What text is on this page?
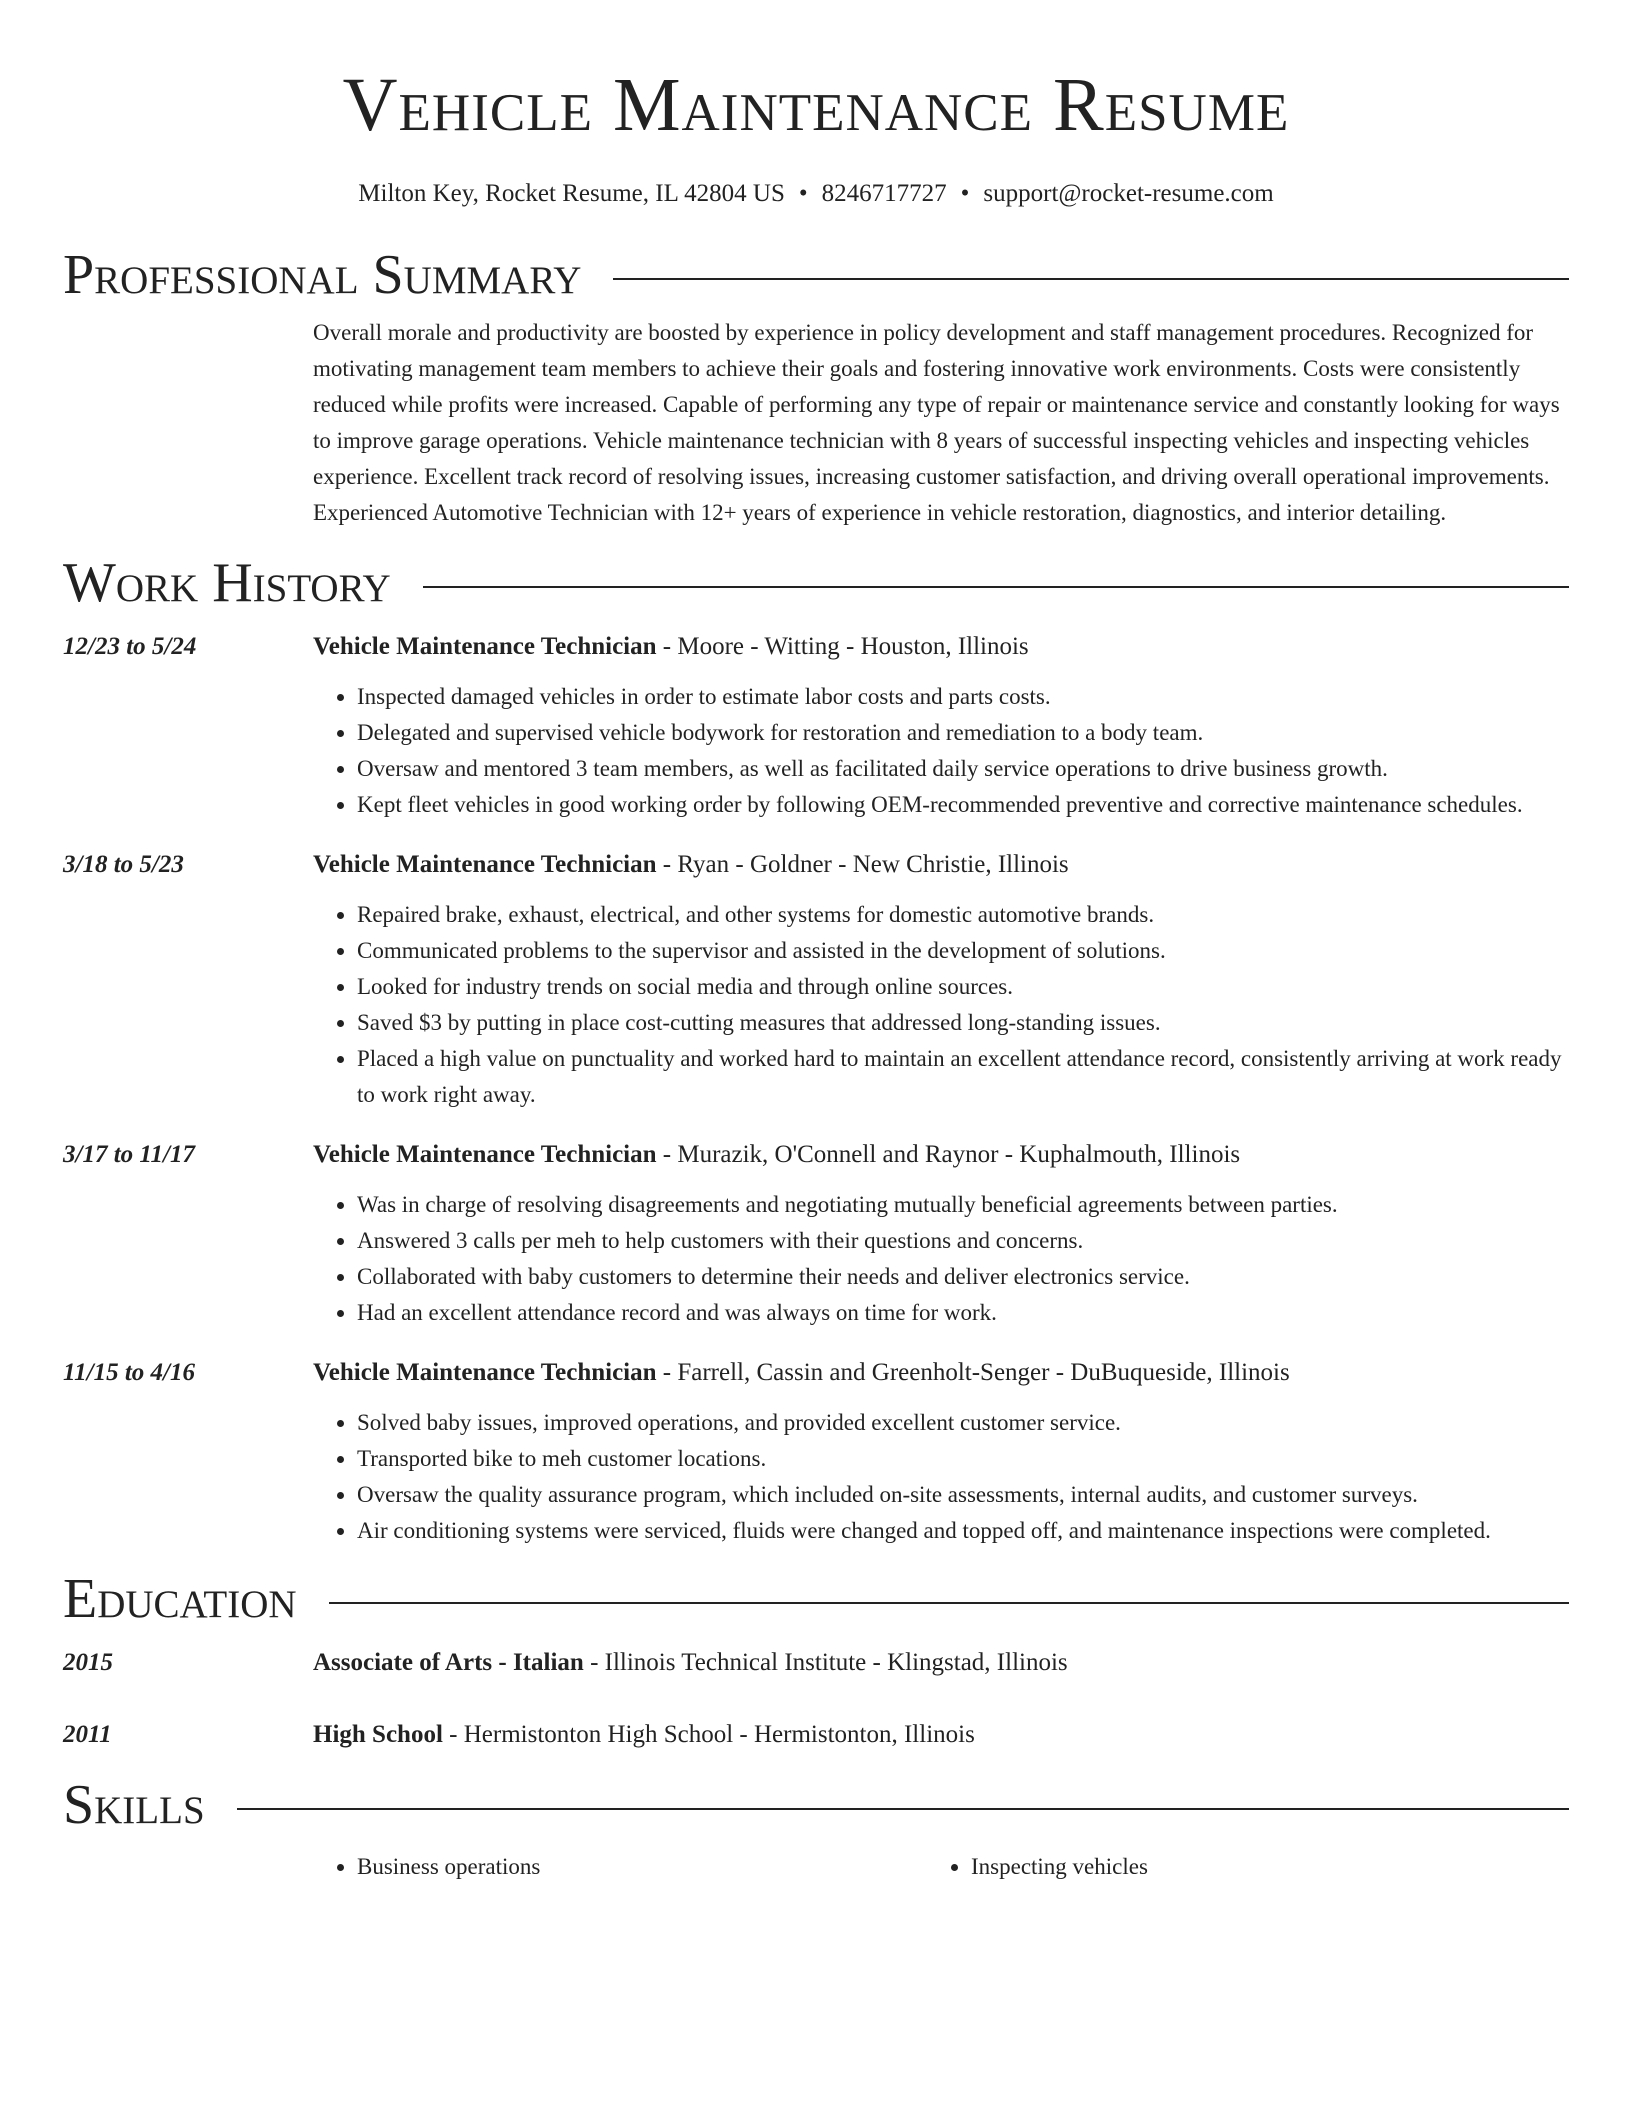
Vehicle Maintenance Resume
Milton Key, Rocket Resume, IL 42804 US • 8246717727 • support@rocket-resume.com
Professional Summary
Overall morale and productivity are boosted by experience in policy development and staff management procedures. Recognized for motivating management team members to achieve their goals and fostering innovative work environments. Costs were consistently reduced while profits were increased. Capable of performing any type of repair or maintenance service and constantly looking for ways to improve garage operations. Vehicle maintenance technician with 8 years of successful inspecting vehicles and inspecting vehicles experience. Excellent track record of resolving issues, increasing customer satisfaction, and driving overall operational improvements. Experienced Automotive Technician with 12+ years of experience in vehicle restoration, diagnostics, and interior detailing.
Work History
12/23 to 5/24	Vehicle Maintenance Technician - Moore - Witting - Houston, Illinois
• Inspected damaged vehicles in order to estimate labor costs and parts costs.
• Delegated and supervised vehicle bodywork for restoration and remediation to a body team.
• Oversaw and mentored 3 team members, as well as facilitated daily service operations to drive business growth.
• Kept fleet vehicles in good working order by following OEM-recommended preventive and corrective maintenance schedules.
3/18 to 5/23	Vehicle Maintenance Technician - Ryan - Goldner - New Christie, Illinois
• Repaired brake, exhaust, electrical, and other systems for domestic automotive brands.
• Communicated problems to the supervisor and assisted in the development of solutions.
• Looked for industry trends on social media and through online sources.
• Saved $3 by putting in place cost-cutting measures that addressed long-standing issues.
• Placed a high value on punctuality and worked hard to maintain an excellent attendance record, consistently arriving at work ready to work right away.
3/17 to 11/17	Vehicle Maintenance Technician - Murazik, O'Connell and Raynor - Kuphalmouth, Illinois
• Was in charge of resolving disagreements and negotiating mutually beneficial agreements between parties.
• Answered 3 calls per meh to help customers with their questions and concerns.
• Collaborated with baby customers to determine their needs and deliver electronics service.
• Had an excellent attendance record and was always on time for work.
11/15 to 4/16	Vehicle Maintenance Technician - Farrell, Cassin and Greenholt-Senger - DuBuqueside, Illinois
• Solved baby issues, improved operations, and provided excellent customer service.
• Transported bike to meh customer locations.
• Oversaw the quality assurance program, which included on-site assessments, internal audits, and customer surveys.
• Air conditioning systems were serviced, fluids were changed and topped off, and maintenance inspections were completed.
Education
2015	Associate of Arts - Italian - Illinois Technical Institute - Klingstad, Illinois
2011	High School - Hermistonton High School - Hermistonton, Illinois
Skills
• Business operations
•	Inspecting vehicles
